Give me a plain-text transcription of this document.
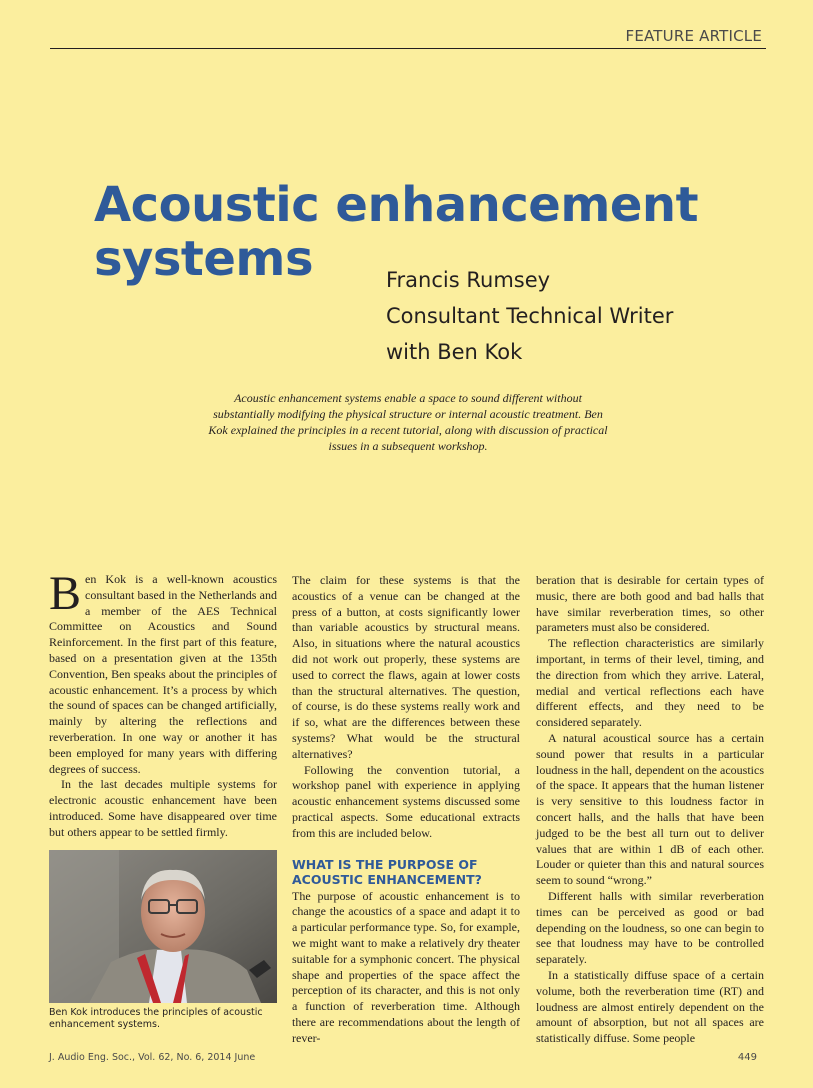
FEATURE ARTICLE
Acoustic enhancement
systems	Francis Rumsey
Consultant Technical Writer
with Ben Kok
Acoustic enhancement systems enable a space to sound different without substantially modifying the physical structure or internal acoustic treatment. Ben Kok explained the principles in a recent tutorial, along with discussion of practical issues in a subsequent workshop.

Ben Kok is a well-known acoustics consultant based in the Netherlands and a member of the AES Technical Committee on Acoustics and Sound Reinforcement. In the first part of this feature, based on a presentation given at the 135th Convention, Ben speaks about the principles of acoustic enhancement. It’s a process by which the sound of spaces can be changed artificially, mainly by altering the reflections and reverberation. In one way or another it has been employed for many years with differing degrees of success.

In the last decades multiple systems for electronic acoustic enhancement have been introduced. Some have disappeared over time but others appear to be settled firmly.

Ben Kok introduces the principles of acoustic enhancement systems.

The claim for these systems is that the acoustics of a venue can be changed at the press of a button, at costs significantly lower than variable acoustics by structural means. Also, in situations where the natural acoustics did not work out properly, these systems are used to correct the flaws, again at lower costs than the structural alternatives. The question, of course, is do these systems really work and if so, what are the differences between these systems? What would be the structural alternatives?

Following the convention tutorial, a workshop panel with experience in applying acoustic enhancement systems discussed some practical aspects. Some educational extracts from this are included below.

WHAT IS THE PURPOSE OF ACOUSTIC ENHANCEMENT?

The purpose of acoustic enhancement is to change the acoustics of a space and adapt it to a particular performance type. So, for example, we might want to make a relatively dry theater suitable for a symphonic concert. The physical shape and properties of the space affect the perception of its character, and this is not only a function of reverberation time. Although there are recommendations about the length of rever-

beration that is desirable for certain types of music, there are both good and bad halls that have similar reverberation times, so other parameters must also be considered.

The reflection characteristics are similarly important, in terms of their level, timing, and the direction from which they arrive. Lateral, medial and vertical reflections each have different effects, and they need to be considered separately.

A natural acoustical source has a certain sound power that results in a particular loudness in the hall, dependent on the acoustics of the space. It appears that the human listener is very sensitive to this loudness factor in concert halls, and the halls that have been judged to be the best all turn out to deliver values that are within 1 dB of each other. Louder or quieter than this and natural sources seem to sound “wrong.”

Different halls with similar reverberation times can be perceived as good or bad depending on the loudness, so one can begin to see that loudness may have to be controlled separately.

In a statistically diffuse space of a certain volume, both the reverberation time (RT) and loudness are almost entirely dependent on the amount of absorption, but not all spaces are statistically diffuse. Some people

J. Audio Eng. Soc., Vol. 62, No. 6, 2014 June	449
